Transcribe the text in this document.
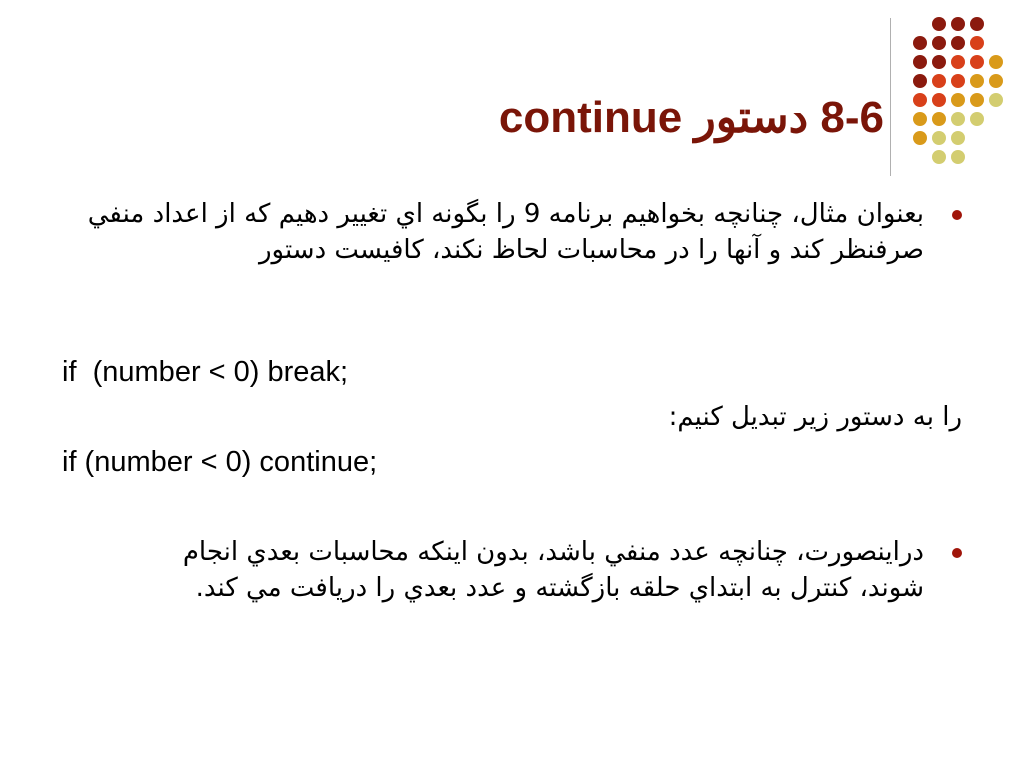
8-6 دستور continue
بعنوان مثال، چنانچه بخواهیم برنامه 9 را بگونه اي تغییر دهیم که از اعداد منفي صرفنظر کند و آنها را در محاسبات لحاظ نکند، کافیست دستور
if  (number < 0) break;
را به دستور زیر تبدیل کنیم:
if (number < 0) continue;
دراینصورت، چنانچه عدد منفي باشد، بدون اینکه محاسبات بعدي انجام شوند، کنترل به ابتداي حلقه بازگشته و عدد بعدي را دریافت مي کند.
